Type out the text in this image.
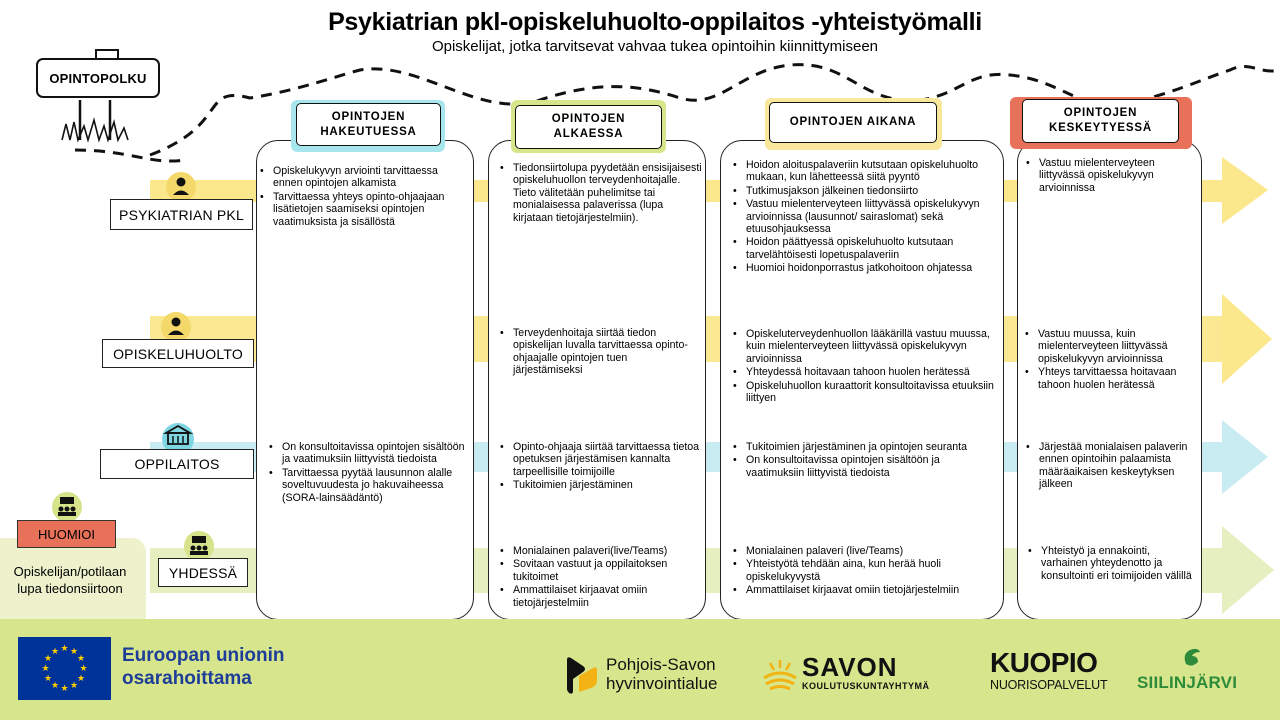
Psykiatrian pkl-opiskeluhuolto-oppilaitos -yhteistyömalli
Opiskelijat, jotka tarvitsevat vahvaa tukea opintoihin kiinnittymiseen
OPINTOPOLKU
OPINTOJEN HAKEUTUESSA
OPINTOJEN ALKAESSA
OPINTOJEN AIKANA
OPINTOJEN KESKEYTYESSÄ
PSYKIATRIAN PKL
OPISKELUHUOLTO
OPPILAITOS
YHDESSÄ
• Opiskelukyvyn arviointi tarvittaessa ennen opintojen alkamista
• Tarvittaessa yhteys opinto-ohjaajaan lisätietojen saamiseksi opintojen vaatimuksista ja sisällöstä
• Tiedonsiirtolupa pyydetään ensisijaisesti opiskeluhuollon terveydenhoitajalle. Tieto välitetään puhelimitse tai monialaisessa palaverissa (lupa kirjataan tietojärjestelmiin).
• Hoidon aloituspalaveriin kutsutaan opiskeluhuolto mukaan, kun lähetteessä siitä pyyntö
• Tutkimusjakson jälkeinen tiedonsiirto
• Vastuu mielenterveyteen liittyvässä opiskelukyvyn arvioinnissa (lausunnot/ sairaslomat) sekä etuusohjauksessa
• Hoidon päättyessä opiskeluhuolto kutsutaan tarvelähtöisesti lopetuspalaveriin
• Huomioi hoidonporrastus jatkohoitoon ohjatessa
• Vastuu mielenterveyteen liittyvässä opiskelukyvyn arvioinnissa
• Terveydenhoitaja siirtää tiedon opiskelijan luvalla tarvittaessa opinto-ohjaajalle opintojen tuen järjestämiseksi
• Opiskeluterveydenhuollon lääkärillä vastuu muussa, kuin mielenterveyteen liittyvässä opiskelukyvyn arvioinnissa
• Yhteydessä hoitavaan tahoon huolen herätessä
• Opiskeluhuollon kuraattorit konsultoitavissa etuuksiin liittyen
• Vastuu muussa, kuin mielenterveyteen liittyvässä opiskelukyvyn arvioinnissa
• Yhteys tarvittaessa hoitavaan tahoon huolen herätessä
• On konsultoitavissa opintojen sisältöön ja vaatimuksiin liittyvistä tiedoista
• Tarvittaessa pyytää lausunnon alalle soveltuvuudesta jo hakuvaiheessa (SORA-lainsäädäntö)
• Opinto-ohjaaja siirtää tarvittaessa tietoa opetuksen järjestämisen kannalta tarpeellisille toimijoille
• Tukitoimien järjestäminen
• Tukitoimien järjestäminen ja opintojen seuranta
• On konsultoitavissa opintojen sisältöön ja vaatimuksiin liittyvistä tiedoista
• Järjestää monialaisen palaverin ennen opintoihin palaamista määräaikaisen keskeytyksen jälkeen
• Monialainen palaveri(live/Teams)
• Sovitaan vastuut ja oppilaitoksen tukitoimet
• Ammattilaiset kirjaavat omiin tietojärjestelmiin
• Monialainen palaveri (live/Teams)
• Yhteistyötä tehdään aina, kun herää huoli opiskelukyvystä
• Ammattilaiset kirjaavat omiin tietojärjestelmiin
• Yhteistyö ja ennakointi, varhainen yhteydenotto ja konsultointi eri toimijoiden välillä
HUOMIOI
Opiskelijan/potilaan lupa tiedonsiirtoon
★ ★
★
★
★
★
★
★
★
★
★
★	Euroopan unionin
osarahoittama
Pohjois-Savon
hyvinvointialue
SAVON
KOULUTUSKUNTAYHTYMÄ
KUOPIO
NUORISOPALVELUT SIILINJÄRVI
